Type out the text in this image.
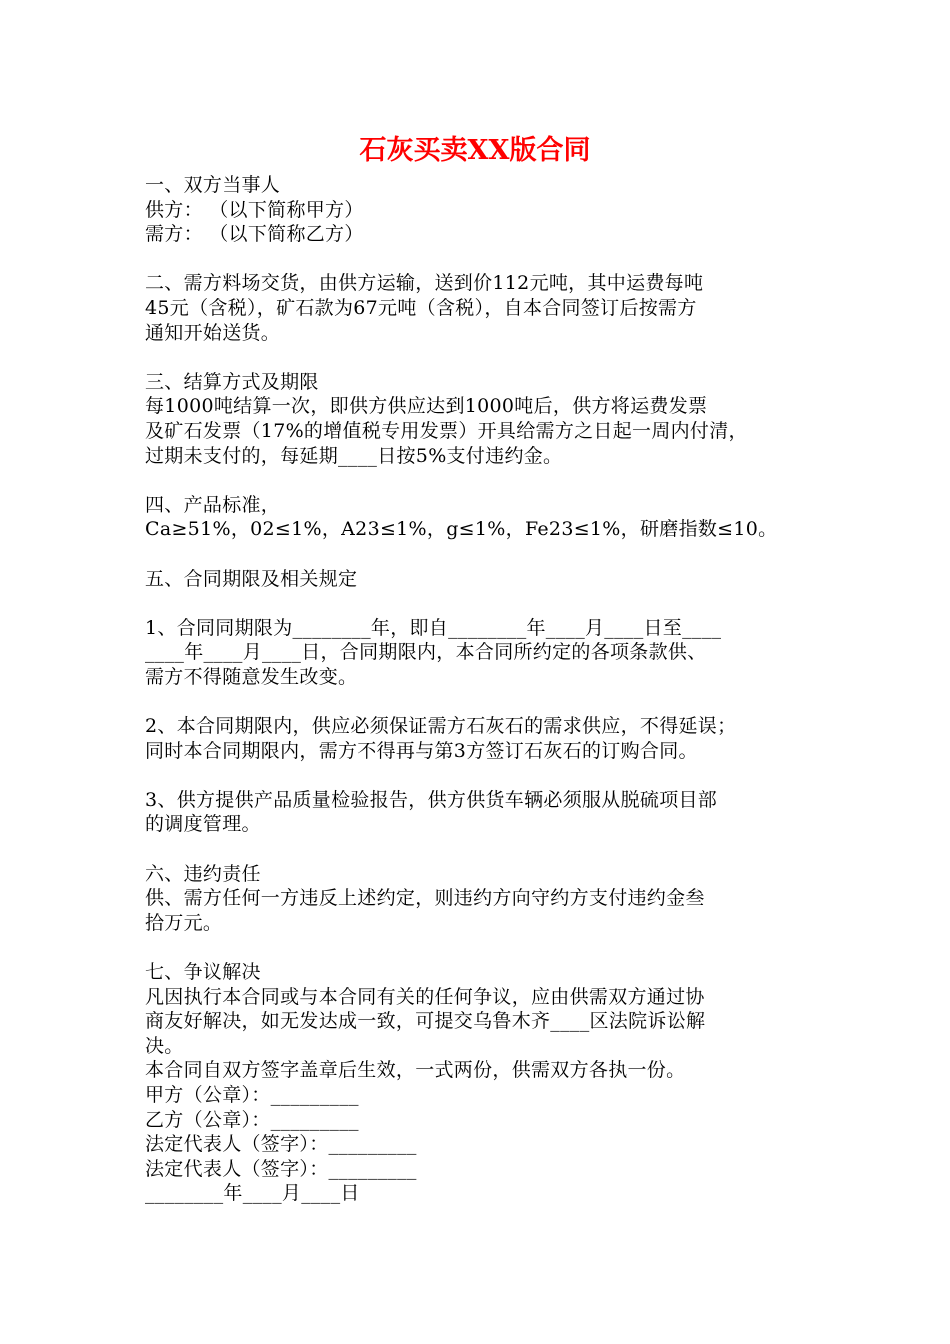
石灰买卖XX版合同
一、双方当事人
供方： （以下简称甲方）
需方： （以下简称乙方）
二、需方料场交货，由供方运输，送到价112元吨，其中运费每吨
45元（含税），矿石款为67元吨（含税），自本合同签订后按需方
通知开始送货。
三、结算方式及期限
每1000吨结算一次，即供方供应达到1000吨后，供方将运费发票
及矿石发票（17%的增值税专用发票）开具给需方之日起一周内付清，
过期未支付的，每延期____日按5%支付违约金。
四、产品标准，
Ca≥51%，02≤1%，A23≤1%，g≤1%，Fe23≤1%，研磨指数≤10。
五、合同期限及相关规定
1、合同同期限为________年，即自________年____月____日至____
____年____月____日，合同期限内，本合同所约定的各项条款供、
需方不得随意发生改变。
2、本合同期限内，供应必须保证需方石灰石的需求供应，不得延误；
同时本合同期限内，需方不得再与第3方签订石灰石的订购合同。
3、供方提供产品质量检验报告，供方供货车辆必须服从脱硫项目部
的调度管理。
六、违约责任
供、需方任何一方违反上述约定，则违约方向守约方支付违约金叁
拾万元。
七、争议解决
凡因执行本合同或与本合同有关的任何争议，应由供需双方通过协
商友好解决，如无发达成一致，可提交乌鲁木齐____区法院诉讼解
决。
本合同自双方签字盖章后生效，一式两份，供需双方各执一份。
甲方（公章）：_________
乙方（公章）：_________
法定代表人（签字）：_________
法定代表人（签字）：_________
________年____月____日
